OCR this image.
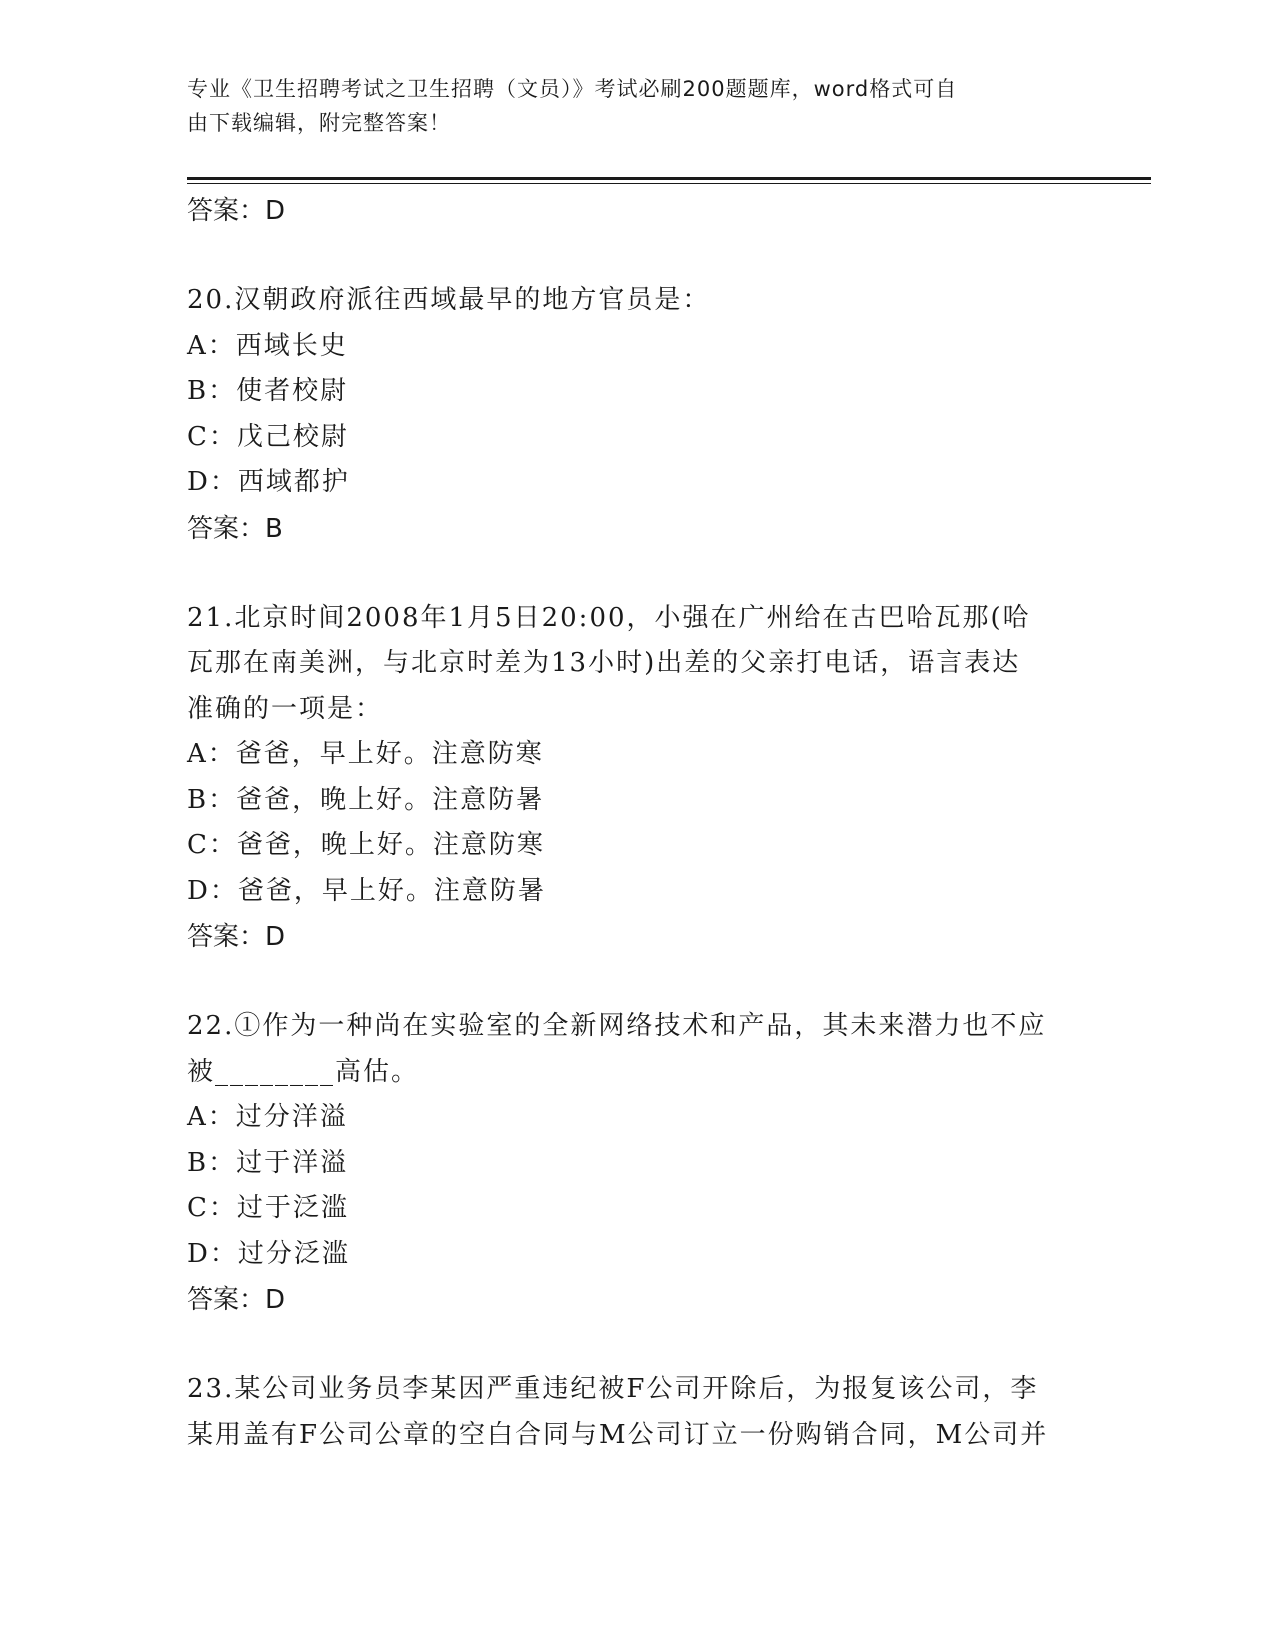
专业《卫生招聘考试之卫生招聘（文员）》考试必刷200题题库，word格式可自
由下载编辑，附完整答案！
答案：D
20.汉朝政府派往西域最早的地方官员是：
A：西域长史
B：使者校尉
C：戊己校尉
D：西域都护
答案：B
21.北京时间2008年1月5日20:00，小强在广州给在古巴哈瓦那(哈
瓦那在南美洲，与北京时差为13小时)出差的父亲打电话，语言表达
准确的一项是：
A：爸爸，早上好。注意防寒
B：爸爸，晚上好。注意防暑
C：爸爸，晚上好。注意防寒
D：爸爸，早上好。注意防暑
答案：D
22.①作为一种尚在实验室的全新网络技术和产品，其未来潜力也不应
被________高估。
A：过分洋溢
B：过于洋溢
C：过于泛滥
D：过分泛滥
答案：D
23.某公司业务员李某因严重违纪被F公司开除后，为报复该公司，李
某用盖有F公司公章的空白合同与M公司订立一份购销合同，M公司并
